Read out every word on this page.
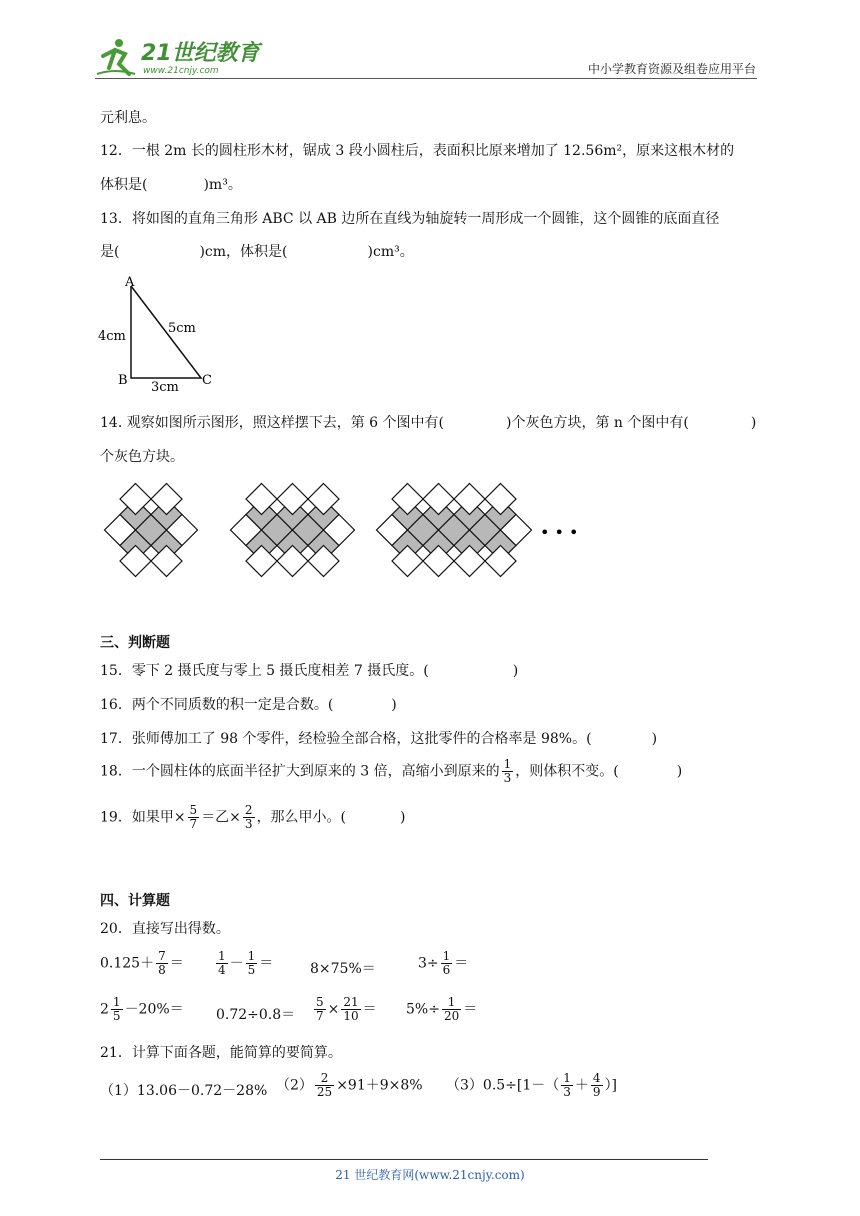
21世纪教育
www.21cnjy.com	中小学教育资源及组卷应用平台
元利息。
12．一根 2m 长的圆柱形木材，锯成 3 段小圆柱后，表面积比原来增加了 12.56m²，原来这根木材的
体积是(	)m³。
13．将如图的直角三角形 ABC 以 AB 边所在直线为轴旋转一周形成一个圆锥，这个圆锥的底面直径
是(	)cm，体积是(	)cm³。
A
B	C
4cm
5cm
3cm
14. 观察如图所示图形，照这样摆下去，第 6 个图中有(	)个灰色方块，第 n 个图中有(	)
个灰色方块。
• • •
三、判断题
15．零下 2 摄氏度与零上 5 摄氏度相差 7 摄氏度。(	)
16．两个不同质数的积一定是合数。(	)
17．张师傅加工了 98 个零件，经检验全部合格，这批零件的合格率是 98%。(	)
18．一个圆柱体的底面半径扩大到原来的 3 倍，高缩小到原来的 $\frac{1}{3}$ ，则体积不变。(	)
19．如果甲× $\frac{5}{7}$ ＝乙× $\frac{2}{3}$ ，那么甲小。(	)
四、计算题
20．直接写出得数。
$0.125+ \frac{7}{8}$ ＝	$\frac{1}{4} - \frac{1}{5}$ ＝	8×75%＝	$3\div \frac{1}{6}$ ＝
$2 \frac{1}{5} -20\%= 0.72\div 0.8= \frac{5}{7} \times \frac{21}{10} = 5\%\div \frac{1}{20}$ ＝
21．计算下面各题，能简算的要简算。
（1）13.06－0.72－28% $(2) \frac{2}{25} \times 91+9\times 8\%$ $(3)0.5\div[1-( \frac{1}{3} + \frac{4}{9}$ ）]
21 世纪教育网(www.21cnjy.com)
